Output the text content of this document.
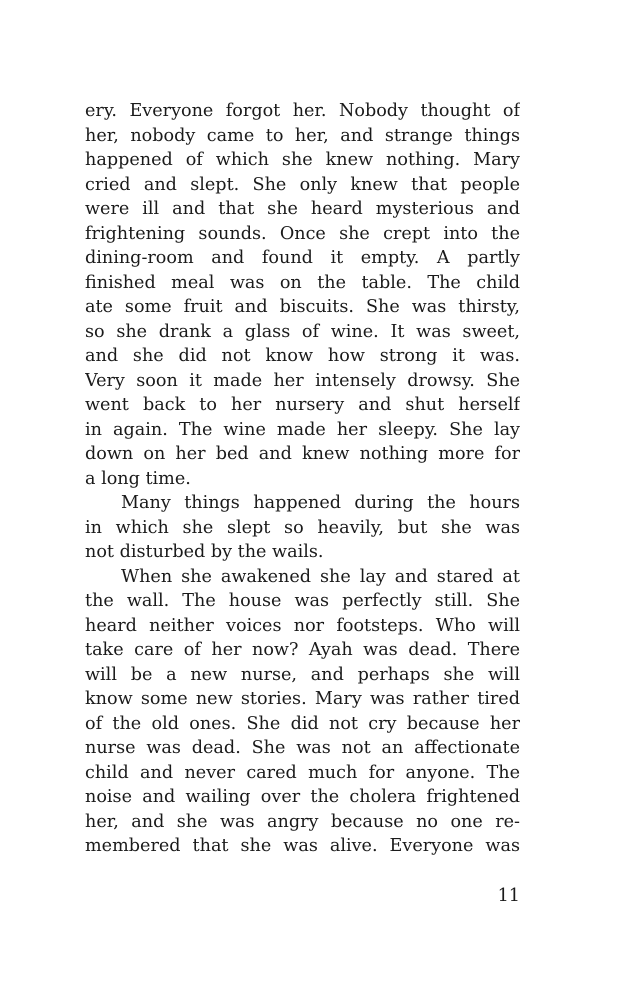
ery. Everyone forgot her. Nobody thought of
her, nobody came to her, and strange things
happened of which she knew nothing. Mary
cried and slept. She only knew that people
were ill and that she heard mysterious and
frightening sounds. Once she crept into the
dining-room and found it empty. A partly
finished meal was on the table. The child
ate some fruit and biscuits. She was thirsty,
so she drank a glass of wine. It was sweet,
and she did not know how strong it was.
Very soon it made her intensely drowsy. She
went back to her nursery and shut herself
in again. The wine made her sleepy. She lay
down on her bed and knew nothing more for
a long time.
Many things happened during the hours
in which she slept so heavily, but she was
not disturbed by the wails.
When she awakened she lay and stared at
the wall. The house was perfectly still. She
heard neither voices nor footsteps. Who will
take care of her now? Ayah was dead. There
will be a new nurse, and perhaps she will
know some new stories. Mary was rather tired
of the old ones. She did not cry because her
nurse was dead. She was not an affectionate
child and never cared much for anyone. The
noise and wailing over the cholera frightened
her, and she was angry because no one re-
membered that she was alive. Everyone was
11
